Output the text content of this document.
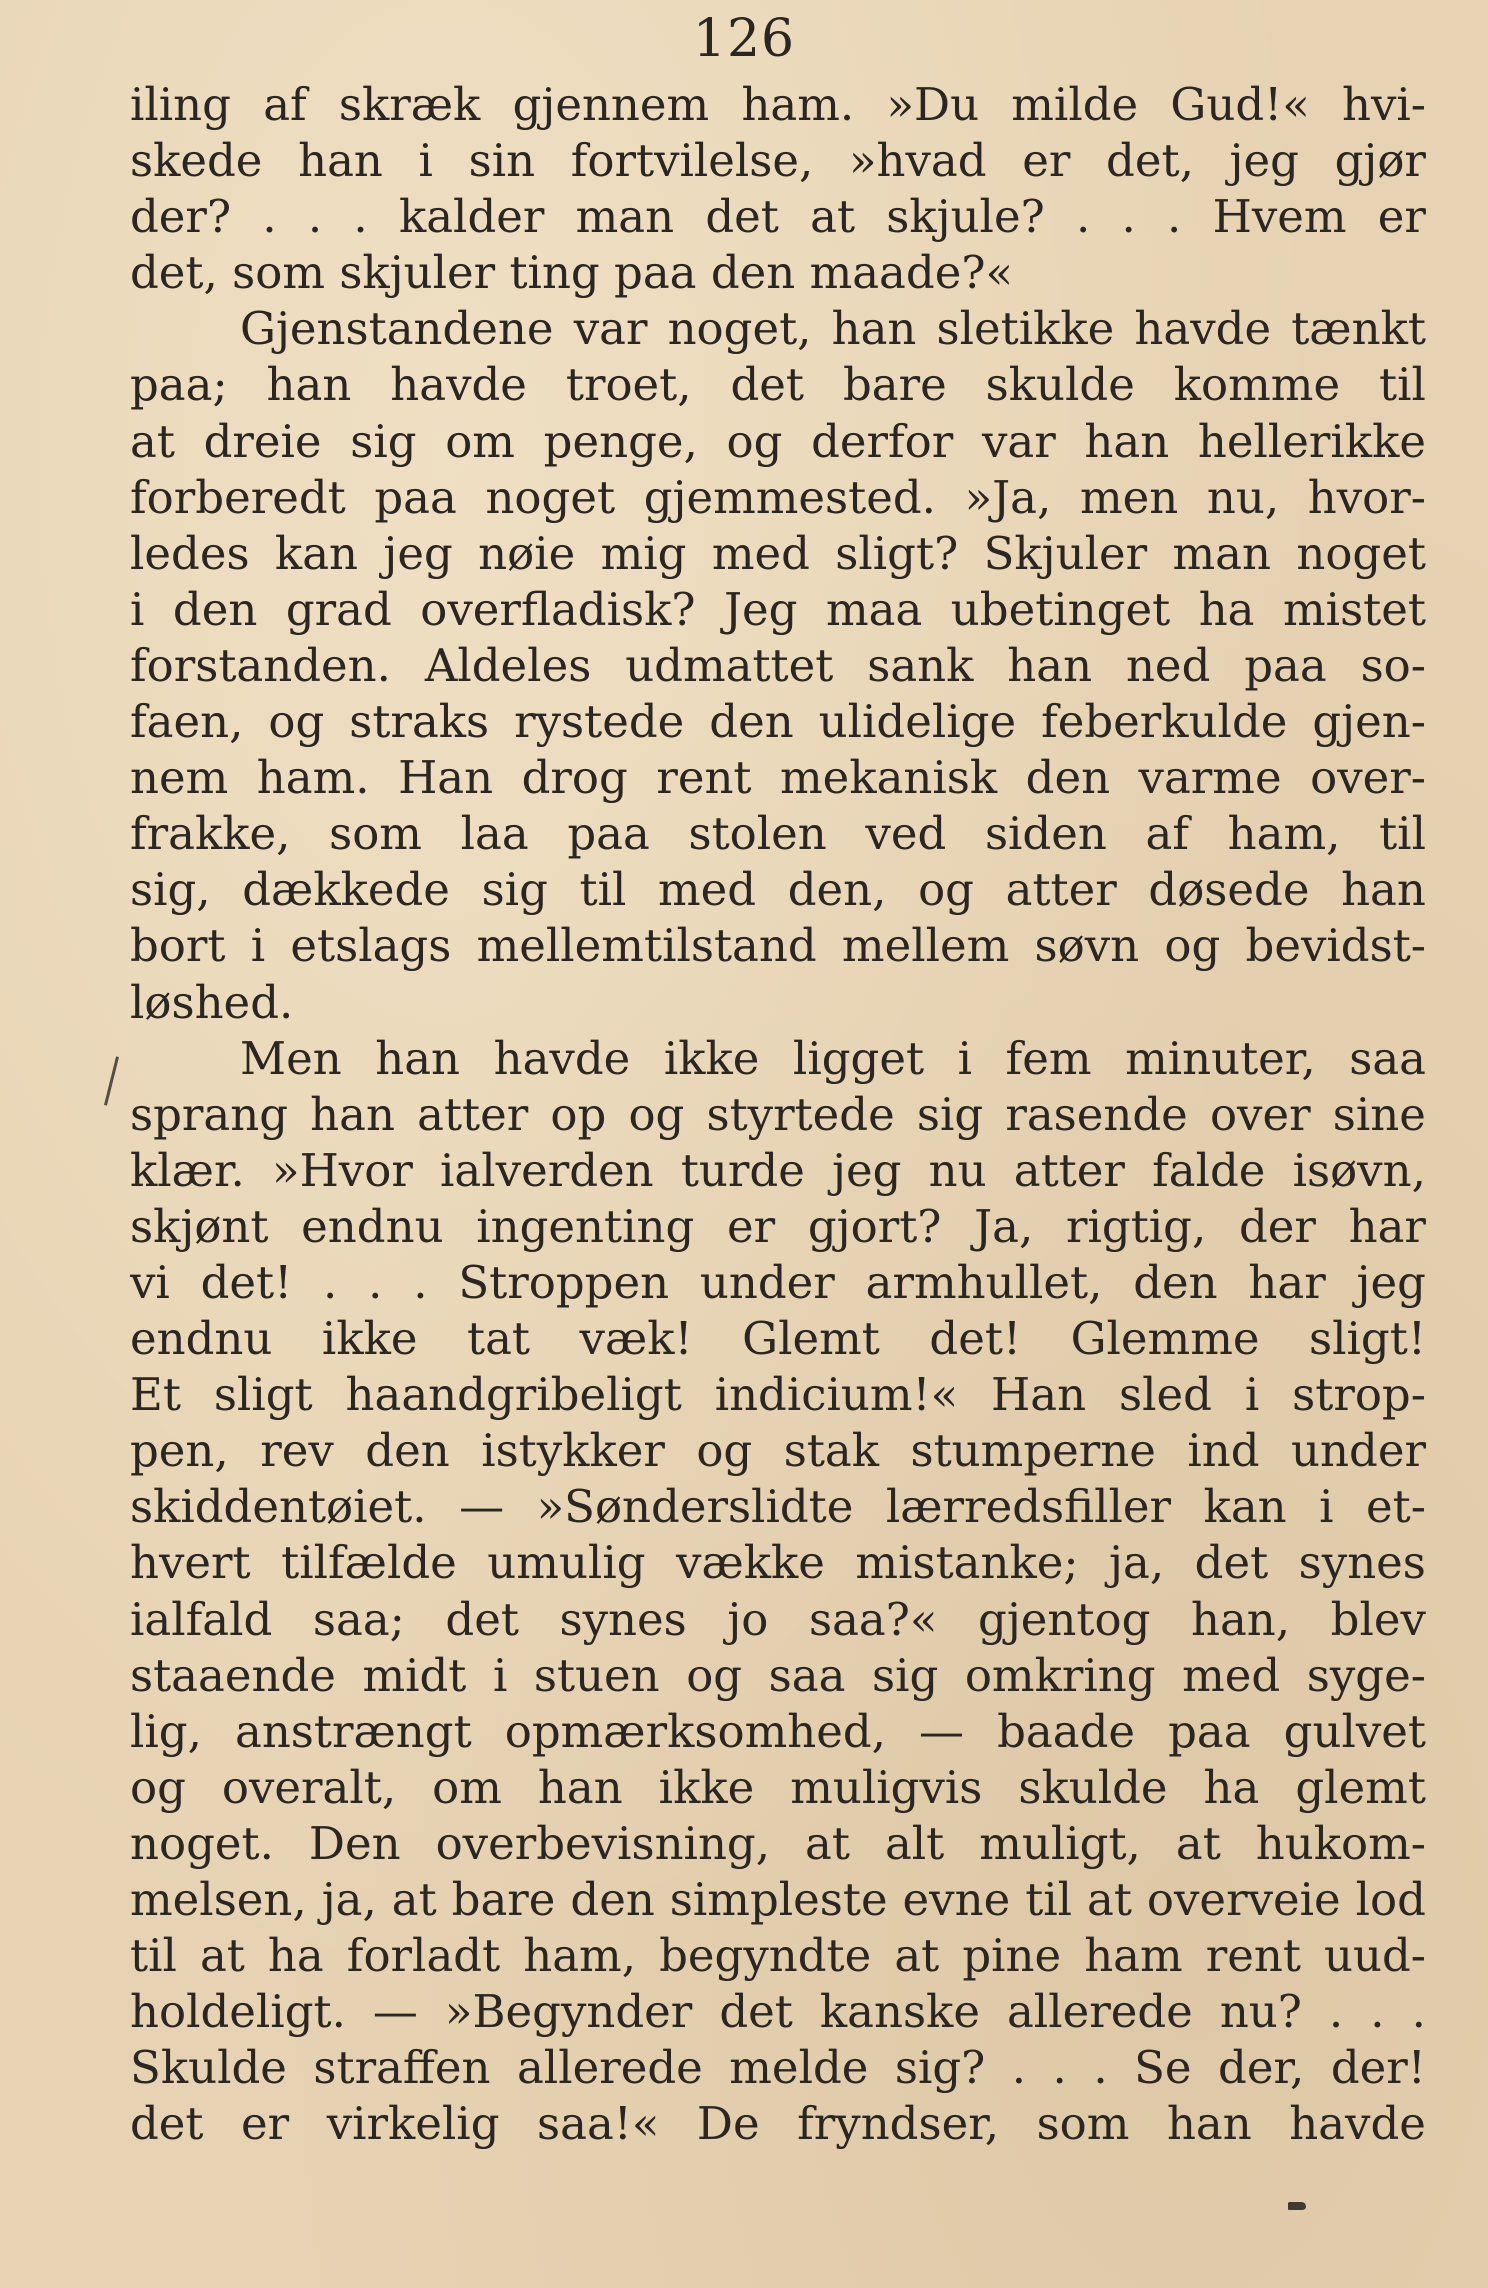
126
iling af skræk gjennem ham. »Du milde Gud!« hvi-
skede han i sin fortvilelse, »hvad er det, jeg gjør
der? . . . kalder man det at skjule? . . . Hvem er
det,
som
skjuler
ting
paa
den
maade?«
Gjenstandene var noget, han sletikke havde tænkt
paa; han havde troet, det bare skulde komme til
at dreie sig om penge, og derfor var han hellerikke
forberedt paa noget gjemmested. »Ja, men nu, hvor-
ledes kan jeg nøie mig med sligt? Skjuler man noget
i den grad overfladisk? Jeg maa ubetinget ha mistet
forstanden. Aldeles udmattet sank han ned paa so-
faen, og straks rystede den ulidelige feberkulde gjen-
nem ham. Han drog rent mekanisk den varme over-
frakke, som laa paa stolen ved siden af ham, til
sig, dækkede sig til med den, og atter døsede han
bort i etslags mellemtilstand mellem søvn og bevidst-
løshed.
Men han havde ikke ligget i fem minuter, saa
sprang han atter op og styrtede sig rasende over sine
klær. »Hvor ialverden turde jeg nu atter falde isøvn,
skjønt endnu ingenting er gjort? Ja, rigtig, der har
vi det! . . . Stroppen under armhullet, den har jeg
endnu ikke tat væk! Glemt det! Glemme sligt!
Et sligt haandgribeligt indicium!« Han sled i strop-
pen, rev den istykker og stak stumperne ind under
skiddentøiet. — »Sønderslidte lærredsfiller kan i et-
hvert tilfælde umulig vække mistanke; ja, det synes
ialfald saa; det synes jo saa?« gjentog han, blev
staaende midt i stuen og saa sig omkring med syge-
lig, anstrængt opmærksomhed, — baade paa gulvet
og overalt, om han ikke muligvis skulde ha glemt
noget. Den overbevisning, at alt muligt, at hukom-
melsen, ja, at bare den simpleste evne til at overveie lod
til at ha forladt ham, begyndte at pine ham rent uud-
holdeligt. — »Begynder det kanske allerede nu? . . .
Skulde straffen allerede melde sig? . . . Se der, der!
det er virkelig saa!« De fryndser, som han havde
